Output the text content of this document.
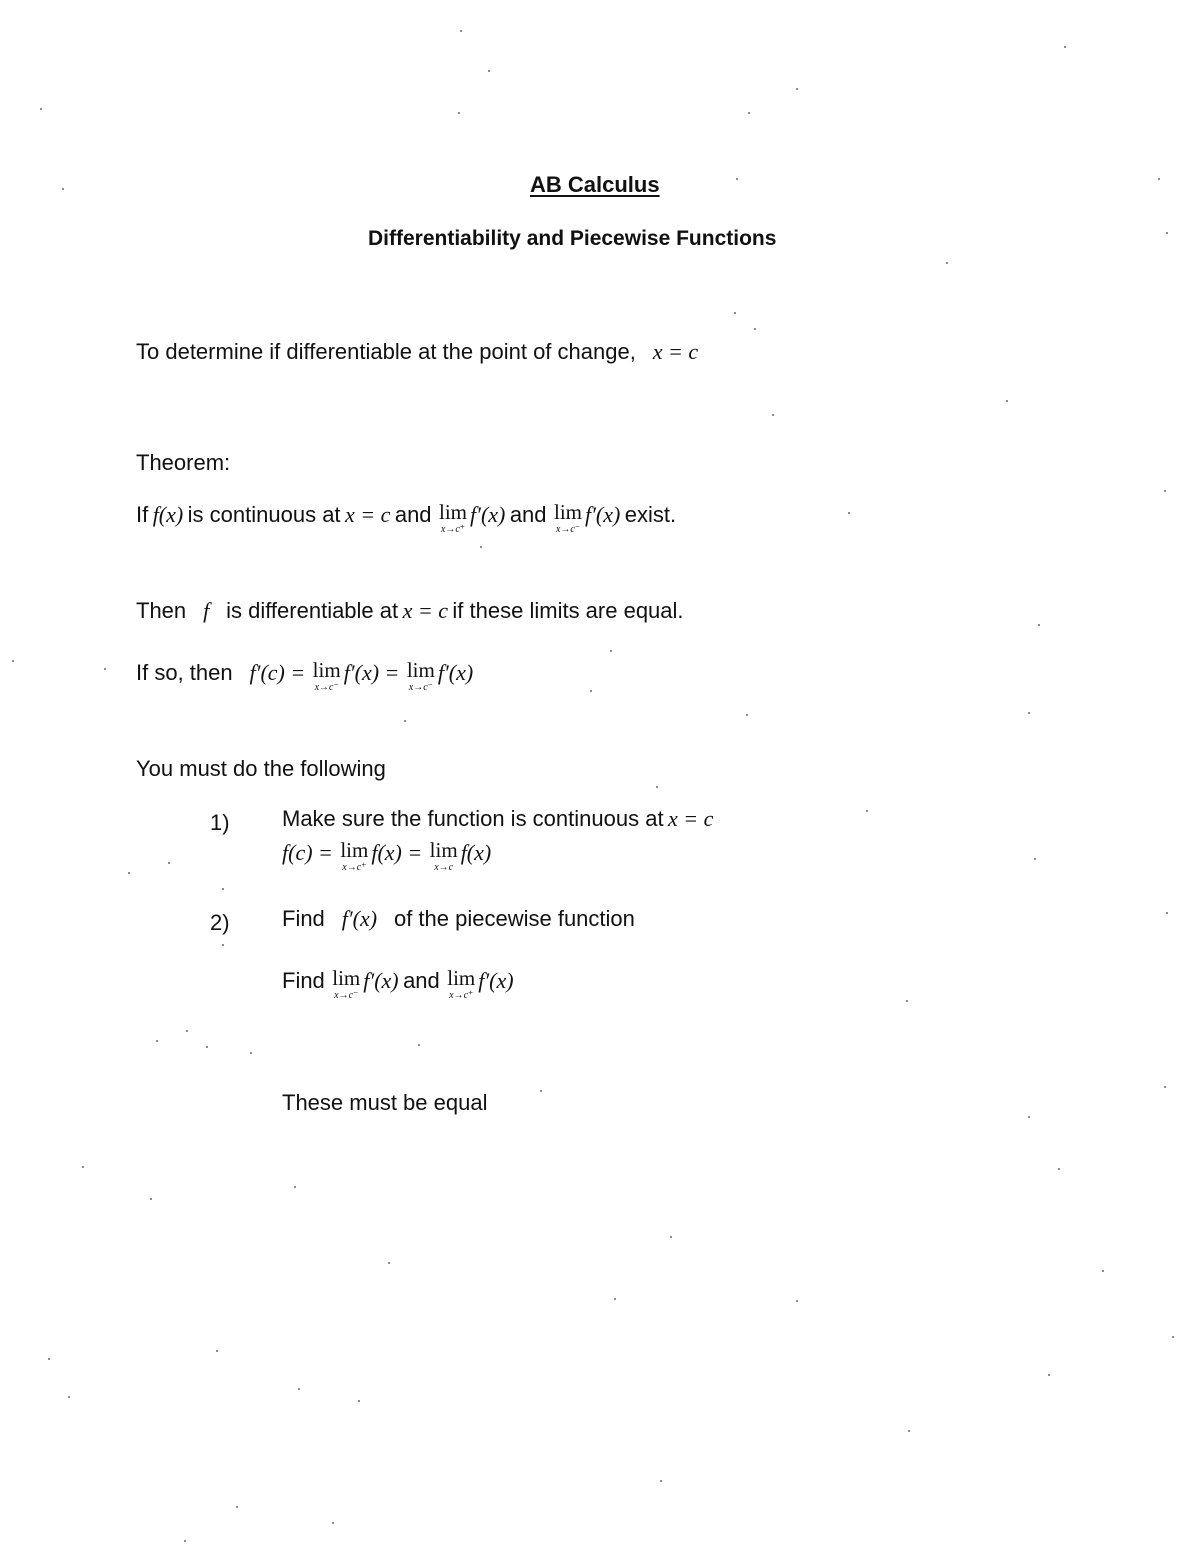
AB Calculus
Differentiability and Piecewise Functions
To determine if differentiable at the point of change, x = c
Theorem:
If f(x) is continuous at x = c and lim
x→c⁺
f′(x) and lim
x→c⁻
f′(x) exist.
Then f is differentiable at x = c if these limits are equal.
If so, then f′(c) = lim
x→c⁻
f′(x) = lim
x→c⁻
f′(x)
You must do the following
1) Make sure the function is continuous at x = c
f(c) = lim
x→c⁺
f(x) = lim
x→c
f(x)
2) Find f′(x) of the piecewise function
Find lim
x→c⁻
f′(x) and lim
x→c⁺
f′(x)
These must be equal
